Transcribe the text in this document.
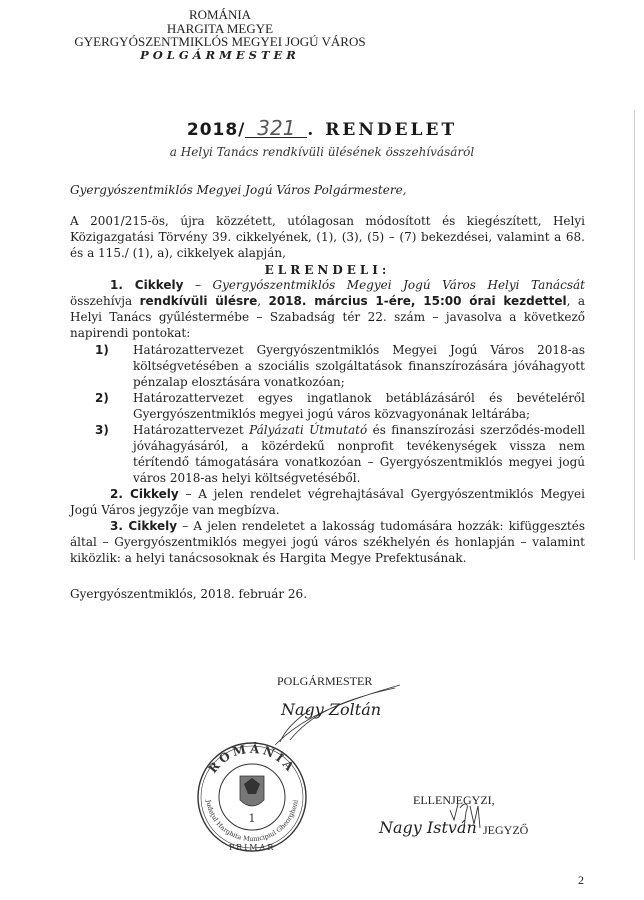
ROMÁNIA
HARGITA MEGYE
GYERGYÓSZENTMIKLÓS MEGYEI JOGÚ VÁROS
POLGÁRMESTER
2018/ 321 . RENDELET
a Helyi Tanács rendkívüli ülésének összehívásáról
Gyergyószentmiklós Megyei Jogú Város Polgármestere,
A 2001/215-ös, újra közzétett, utólagosan módosított és kiegészített, Helyi Közigazgatási Törvény 39. cikkelyének, (1), (3), (5) – (7) bekezdései, valamint a 68. és a 115./ (1), a), cikkelyek alapján,
ELRENDELI:
1. Cikkely – Gyergyószentmiklós Megyei Jogú Város Helyi Tanácsát összehívja rendkívüli ülésre, 2018. március 1-ére, 15:00 órai kezdettel, a Helyi Tanács gyűléstermébe – Szabadság tér 22. szám – javasolva a következő napirendi pontokat:
1) Határozattervezet Gyergyószentmiklós Megyei Jogú Város 2018-as költségvetésében a szociális szolgáltatások finanszírozására jóváhagyott pénzalap elosztására vonatkozóan;
2) Határozattervezet egyes ingatlanok betáblázásáról és bevételéről Gyergyószentmiklós megyei jogú város közvagyonának leltárába;
3) Határozattervezet Pályázati Útmutató és finanszírozási szerződés-modell jóváhagyásáról, a közérdekű nonprofit tevékenységek vissza nem térítendő támogatására vonatkozóan – Gyergyószentmiklós megyei jogú város 2018-as helyi költségvetéséből.
2. Cikkely – A jelen rendelet végrehajtásával Gyergyószentmiklós Megyei Jogú Város jegyzője van megbízva.
3. Cikkely – A jelen rendeletet a lakosság tudomására hozzák: kifüggesztés által – Gyergyószentmiklós megyei jogú város székhelyén és honlapján – valamint kiközlik: a helyi tanácsosoknak és Hargita Megye Prefektusának.
Gyergyószentmiklós, 2018. február 26.
POLGÁRMESTER
Nagy Zoltán
ROMÂNIA
Judeţul Harghita Municipiul Gheorgheni
PRIMAR
1
ELLENJEGYZI,
Nagy István JEGYZŐ
2
